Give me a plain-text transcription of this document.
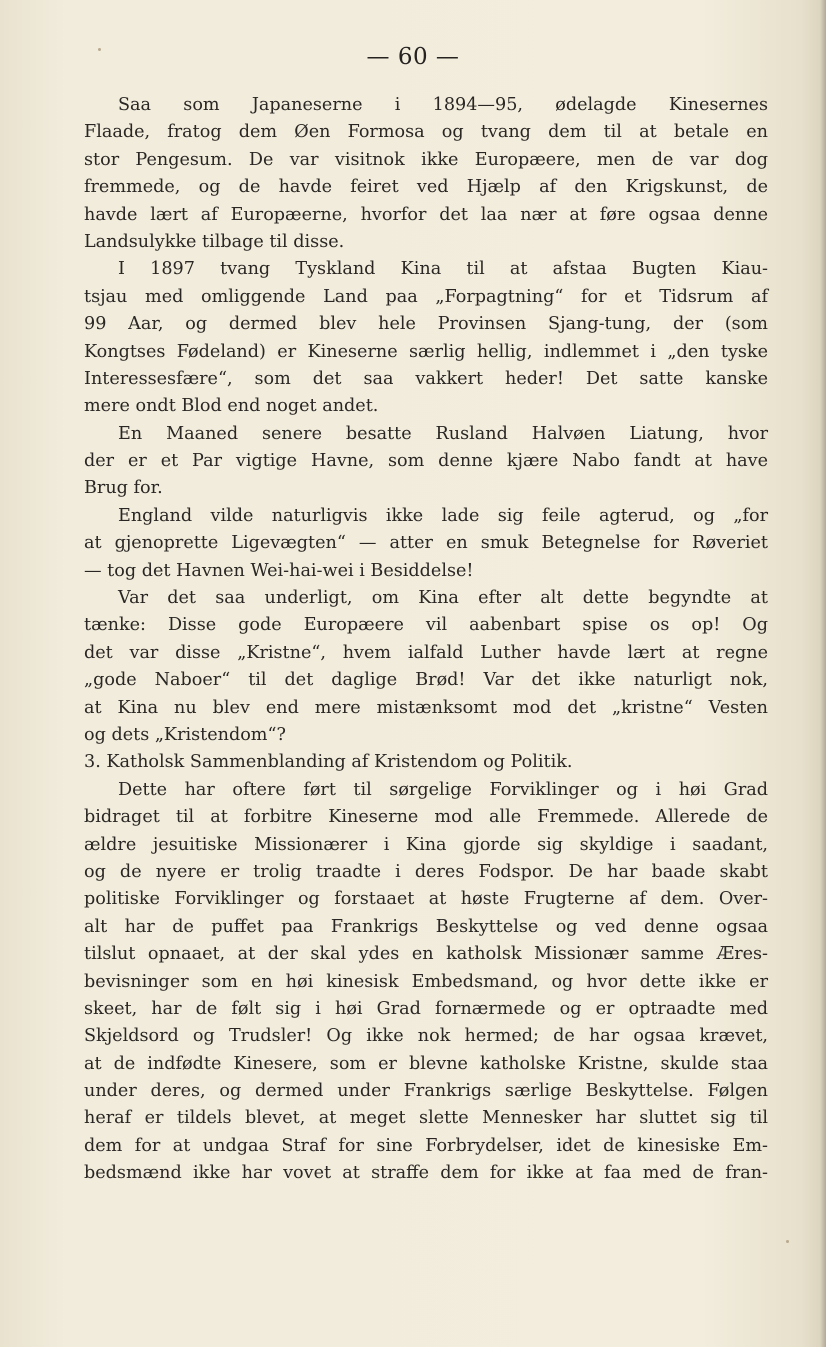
— 60 —
Saa som Japaneserne i 1894—95, ødelagde Kinesernes
Flaade, fratog dem Øen Formosa og tvang dem til at betale en
stor Pengesum. De var visitnok ikke Europæere, men de var dog
fremmede, og de havde feiret ved Hjælp af den Krigskunst, de
havde lært af Europæerne, hvorfor det laa nær at føre ogsaa denne
Landsulykke tilbage til disse.
I 1897 tvang Tyskland Kina til at afstaa Bugten Kiau-
tsjau med omliggende Land paa „Forpagtning“ for et Tidsrum af
99 Aar, og dermed blev hele Provinsen Sjang-tung, der (som
Kongtses Fødeland) er Kineserne særlig hellig, indlemmet i „den tyske
Interessesfære“, som det saa vakkert heder! Det satte kanske
mere ondt Blod end noget andet.
En Maaned senere besatte Rusland Halvøen Liatung, hvor
der er et Par vigtige Havne, som denne kjære Nabo fandt at have
Brug for.
England vilde naturligvis ikke lade sig feile agterud, og „for
at gjenoprette Ligevægten“ — atter en smuk Betegnelse for Røveriet
— tog det Havnen Wei-hai-wei i Besiddelse!
Var det saa underligt, om Kina efter alt dette begyndte at
tænke: Disse gode Europæere vil aabenbart spise os op! Og
det var disse „Kristne“, hvem ialfald Luther havde lært at regne
„gode Naboer“ til det daglige Brød! Var det ikke naturligt nok,
at Kina nu blev end mere mistænksomt mod det „kristne“ Vesten
og dets „Kristendom“?
3. Katholsk Sammenblanding af Kristendom og Politik.
Dette har oftere ført til sørgelige Forviklinger og i høi Grad
bidraget til at forbitre Kineserne mod alle Fremmede. Allerede de
ældre jesuitiske Missionærer i Kina gjorde sig skyldige i saadant,
og de nyere er trolig traadte i deres Fodspor. De har baade skabt
politiske Forviklinger og forstaaet at høste Frugterne af dem. Over-
alt har de puffet paa Frankrigs Beskyttelse og ved denne ogsaa
tilslut opnaaet, at der skal ydes en katholsk Missionær samme Æres-
bevisninger som en høi kinesisk Embedsmand, og hvor dette ikke er
skeet, har de følt sig i høi Grad fornærmede og er optraadte med
Skjeldsord og Trudsler! Og ikke nok hermed; de har ogsaa krævet,
at de indfødte Kinesere, som er blevne katholske Kristne, skulde staa
under deres, og dermed under Frankrigs særlige Beskyttelse. Følgen
heraf er tildels blevet, at meget slette Mennesker har sluttet sig til
dem for at undgaa Straf for sine Forbrydelser, idet de kinesiske Em-
bedsmænd ikke har vovet at straffe dem for ikke at faa med de fran-
